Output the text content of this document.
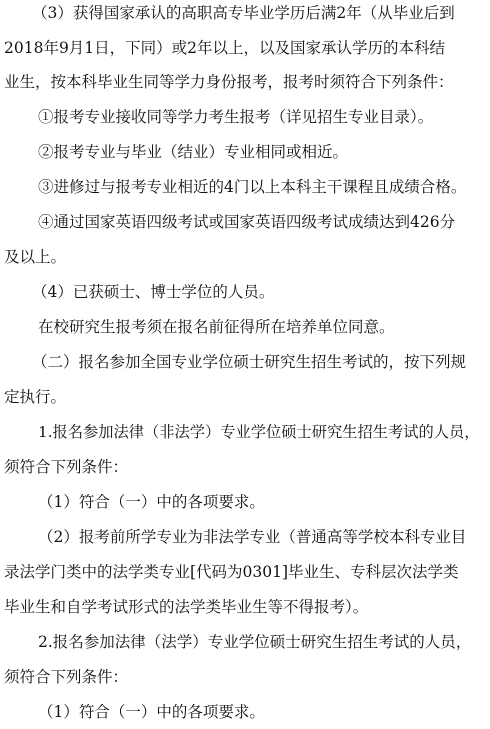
（3）获得国家承认的高职高专毕业学历后满2年（从毕业后到
2018年9月1日，下同）或2年以上，以及国家承认学历的本科结
业生，按本科毕业生同等学力身份报考，报考时须符合下列条件：
①报考专业接收同等学力考生报考（详见招生专业目录）。
②报考专业与毕业（结业）专业相同或相近。
③进修过与报考专业相近的4门以上本科主干课程且成绩合格。
④通过国家英语四级考试或国家英语四级考试成绩达到426分
及以上。
（4）已获硕士、博士学位的人员。
在校研究生报考须在报名前征得所在培养单位同意。
（二）报名参加全国专业学位硕士研究生招生考试的，按下列规
定执行。
1.报名参加法律（非法学）专业学位硕士研究生招生考试的人员，
须符合下列条件：
（1）符合（一）中的各项要求。
（2）报考前所学专业为非法学专业（普通高等学校本科专业目
录法学门类中的法学类专业[代码为0301]毕业生、专科层次法学类
毕业生和自学考试形式的法学类毕业生等不得报考）。
2.报名参加法律（法学）专业学位硕士研究生招生考试的人员，
须符合下列条件：
（1）符合（一）中的各项要求。
